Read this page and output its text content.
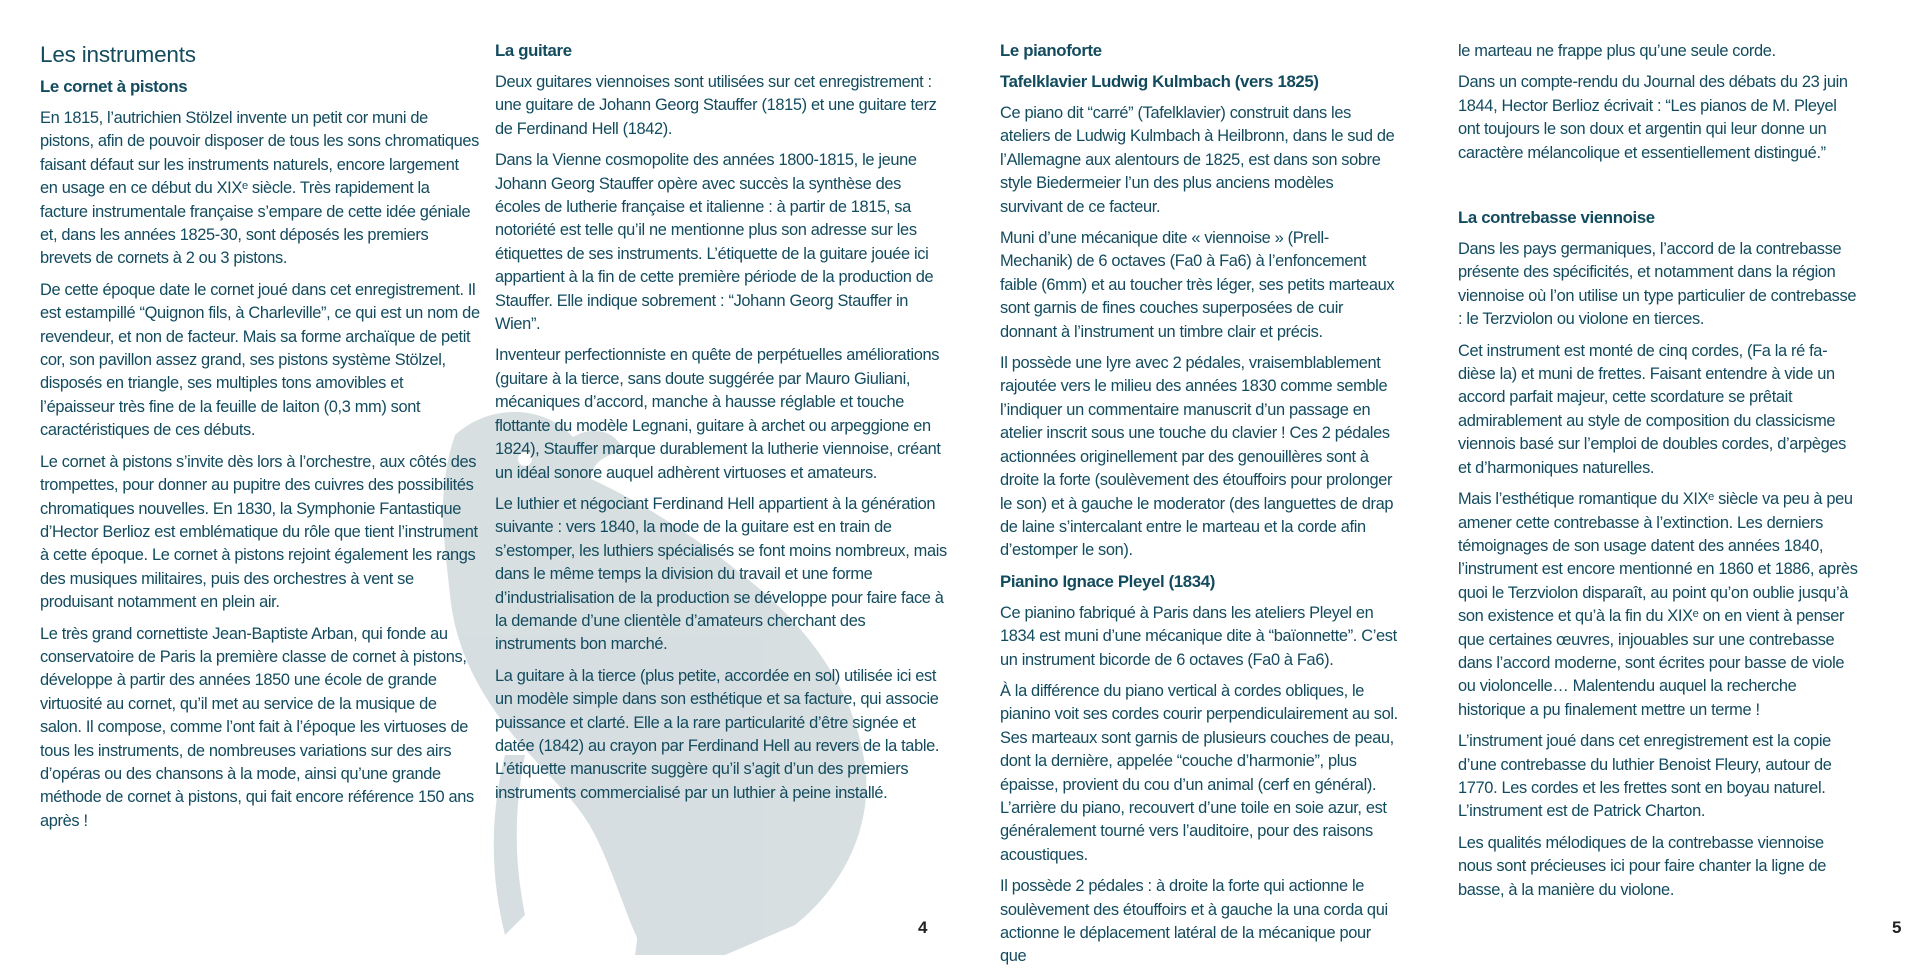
Les instruments
Le cornet à pistons

En 1815, l’autrichien Stölzel invente un petit cor muni de pistons, afin de pouvoir disposer de tous les sons chromatiques faisant défaut sur les instruments naturels, encore largement en usage en ce début du XIXᵉ siècle. Très rapidement la facture instrumentale française s’empare de cette idée géniale et, dans les années 1825-30, sont déposés les premiers brevets de cornets à 2 ou 3 pistons.

De cette époque date le cornet joué dans cet enregistrement. Il est estampillé “Quignon fils, à Charleville”, ce qui est un nom de revendeur, et non de facteur. Mais sa forme archaïque de petit cor, son pavillon assez grand, ses pistons système Stölzel, disposés en triangle, ses multiples tons amovibles et l’épaisseur très fine de la feuille de laiton (0,3 mm) sont caractéristiques de ces débuts.

Le cornet à pistons s’invite dès lors à l’orchestre, aux côtés des trompettes, pour donner au pupitre des cuivres des possibilités chromatiques nouvelles. En 1830, la Symphonie Fantastique d’Hector Berlioz est emblématique du rôle que tient l’instrument à cette époque. Le cornet à pistons rejoint également les rangs des musiques militaires, puis des orchestres à vent se produisant notamment en plein air.

Le très grand cornettiste Jean-Baptiste Arban, qui fonde au conservatoire de Paris la première classe de cornet à pistons, développe à partir des années 1850 une école de grande virtuosité au cornet, qu’il met au service de la musique de salon. Il compose, comme l’ont fait à l’époque les virtuoses de tous les instruments, de nombreuses variations sur des airs d’opéras ou des chansons à la mode, ainsi qu’une grande méthode de cornet à pistons, qui fait encore référence 150 ans après !

La guitare

Deux guitares viennoises sont utilisées sur cet enregistrement : une guitare de Johann Georg Stauffer (1815) et une guitare terz de Ferdinand Hell (1842).

Dans la Vienne cosmopolite des années 1800-1815, le jeune Johann Georg Stauffer opère avec succès la synthèse des écoles de lutherie française et italienne : à partir de 1815, sa notoriété est telle qu’il ne mentionne plus son adresse sur les étiquettes de ses instruments. L’étiquette de la guitare jouée ici appartient à la fin de cette première période de la production de Stauffer. Elle indique sobrement : “Johann Georg Stauffer in Wien”.

Inventeur perfectionniste en quête de perpétuelles améliorations (guitare à la tierce, sans doute suggérée par Mauro Giuliani, mécaniques d’accord, manche à hausse réglable et touche flottante du modèle Legnani, guitare à archet ou arpeggione en 1824), Stauffer marque durablement la lutherie viennoise, créant un idéal sonore auquel adhèrent virtuoses et amateurs.

Le luthier et négociant Ferdinand Hell appartient à la génération suivante : vers 1840, la mode de la guitare est en train de s’estomper, les luthiers spécialisés se font moins nombreux, mais dans le même temps la division du travail et une forme d’industrialisation de la production se développe pour faire face à la demande d’une clientèle d’amateurs cherchant des instruments bon marché.

La guitare à la tierce (plus petite, accordée en sol) utilisée ici est un modèle simple dans son esthétique et sa facture, qui associe puissance et clarté. Elle a la rare particularité d’être signée et datée (1842) au crayon par Ferdinand Hell au revers de la table. L’étiquette manuscrite suggère qu’il s’agit d’un des premiers instruments commercialisé par un luthier à peine installé.

4
Le pianoforte
Tafelklavier Ludwig Kulmbach (vers 1825)

Ce piano dit “carré” (Tafelklavier) construit dans les ateliers de Ludwig Kulmbach à Heilbronn, dans le sud de l’Allemagne aux alentours de 1825, est dans son sobre style Biedermeier l’un des plus anciens modèles survivant de ce facteur.

Muni d’une mécanique dite « viennoise » (Prell-Mechanik) de 6 octaves (Fa0 à Fa6) à l’enfoncement faible (6mm) et au toucher très léger, ses petits marteaux sont garnis de fines couches superposées de cuir donnant à l’instrument un timbre clair et précis.

Il possède une lyre avec 2 pédales, vraisemblablement rajoutée vers le milieu des années 1830 comme semble l’indiquer un commentaire manuscrit d’un passage en atelier inscrit sous une touche du clavier ! Ces 2 pédales actionnées originellement par des genouillères sont à droite la forte (soulèvement des étouffoirs pour prolonger le son) et à gauche le moderator (des languettes de drap de laine s’intercalant entre le marteau et la corde afin d’estomper le son).

Pianino Ignace Pleyel (1834)

Ce pianino fabriqué à Paris dans les ateliers Pleyel en 1834 est muni d’une mécanique dite à “baïonnette”. C’est un instrument bicorde de 6 octaves (Fa0 à Fa6).

À la différence du piano vertical à cordes obliques, le pianino voit ses cordes courir perpendiculairement au sol. Ses marteaux sont garnis de plusieurs couches de peau, dont la dernière, appelée “couche d’harmonie”, plus épaisse, provient du cou d’un animal (cerf en général). L’arrière du piano, recouvert d’une toile en soie azur, est généralement tourné vers l’auditoire, pour des raisons acoustiques.

Il possède 2 pédales : à droite la forte qui actionne le soulèvement des étouffoirs et à gauche la una corda qui actionne le déplacement latéral de la mécanique pour que

le marteau ne frappe plus qu’une seule corde.

Dans un compte-rendu du Journal des débats du 23 juin 1844, Hector Berlioz écrivait : “Les pianos de M. Pleyel ont toujours le son doux et argentin qui leur donne un caractère mélancolique et essentiellement distingué.”

La contrebasse viennoise

Dans les pays germaniques, l’accord de la contrebasse présente des spécificités, et notamment dans la région viennoise où l’on utilise un type particulier de contrebasse : le Terzviolon ou violone en tierces.

Cet instrument est monté de cinq cordes, (Fa la ré fa-dièse la) et muni de frettes. Faisant entendre à vide un accord parfait majeur, cette scordature se prêtait admirablement au style de composition du classicisme viennois basé sur l’emploi de doubles cordes, d’arpèges et d’harmoniques naturelles.

Mais l’esthétique romantique du XIXᵉ siècle va peu à peu amener cette contrebasse à l’extinction. Les derniers témoignages de son usage datent des années 1840, l’instrument est encore mentionné en 1860 et 1886, après quoi le Terzviolon disparaît, au point qu’on oublie jusqu’à son existence et qu’à la fin du XIXᵉ on en vient à penser que certaines œuvres, injouables sur une contrebasse dans l’accord moderne, sont écrites pour basse de viole ou violoncelle… Malentendu auquel la recherche historique a pu finalement mettre un terme !

L’instrument joué dans cet enregistrement est la copie d’une contrebasse du luthier Benoist Fleury, autour de 1770. Les cordes et les frettes sont en boyau naturel. L’instrument est de Patrick Charton.

Les qualités mélodiques de la contrebasse viennoise nous sont précieuses ici pour faire chanter la ligne de basse, à la manière du violone.

5
